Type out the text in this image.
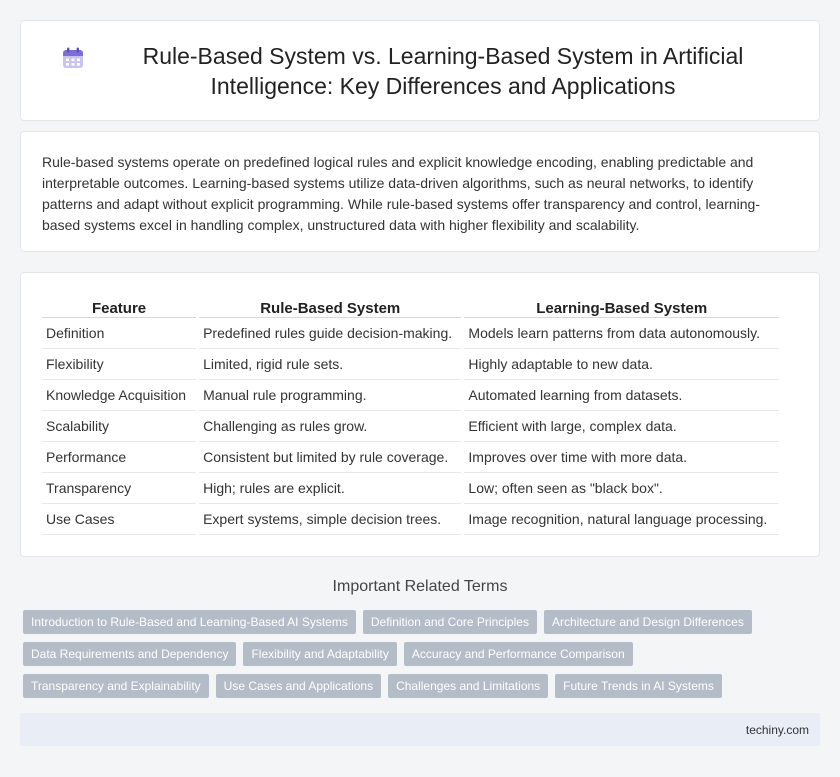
Rule-Based System vs. Learning-Based System in Artificial Intelligence: Key Differences and Applications

Rule-based systems operate on predefined logical rules and explicit knowledge encoding, enabling predictable and interpretable outcomes. Learning-based systems utilize data-driven algorithms, such as neural networks, to identify patterns and adapt without explicit programming. While rule-based systems offer transparency and control, learning-based systems excel in handling complex, unstructured data with higher flexibility and scalability.

Feature	Rule-Based System	Learning-Based System
Definition	Predefined rules guide decision-making.	Models learn patterns from data autonomously.
Flexibility	Limited, rigid rule sets.	Highly adaptable to new data.
Knowledge Acquisition	Manual rule programming.	Automated learning from datasets.
Scalability	Challenging as rules grow.	Efficient with large, complex data.
Performance	Consistent but limited by rule coverage.	Improves over time with more data.
Transparency	High; rules are explicit.	Low; often seen as "black box".
Use Cases	Expert systems, simple decision trees.	Image recognition, natural language processing.
Important Related Terms
Introduction to Rule-Based and Learning-Based AI Systems	Definition and Core Principles	Architecture and Design Differences
Data Requirements and Dependency	Flexibility and Adaptability	Accuracy and Performance Comparison
Transparency and Explainability	Use Cases and Applications	Challenges and Limitations	Future Trends in AI Systems
techiny.com
